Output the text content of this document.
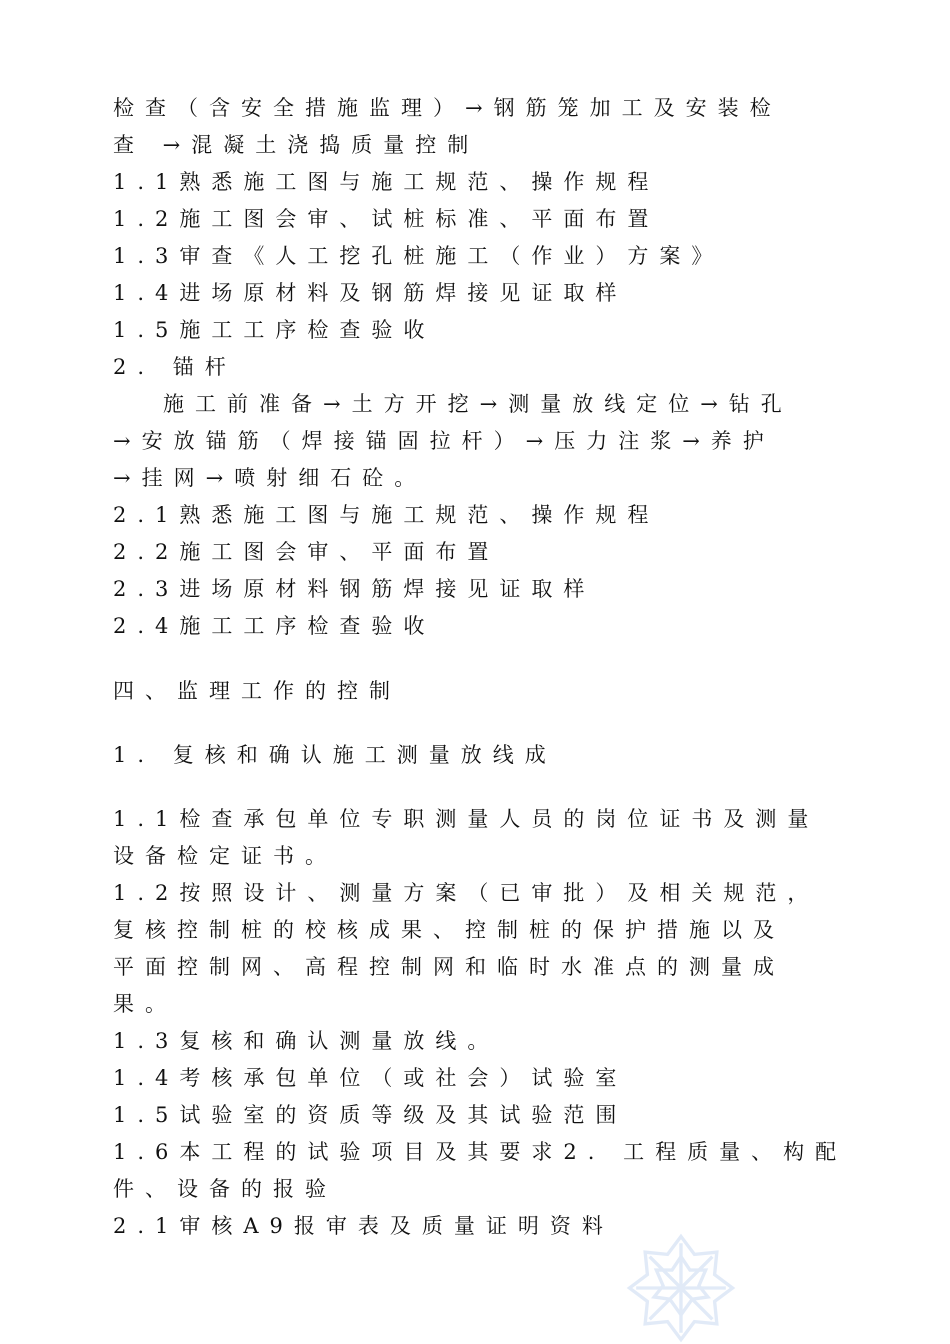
检查（含安全措施监理）→钢筋笼加工及安装检
查 →混凝土浇捣质量控制
1.1熟悉施工图与施工规范、操作规程
1.2施工图会审、试桩标准、平面布置
1.3审查《人工挖孔桩施工（作业）方案》
1.4进场原材料及钢筋焊接见证取样
1.5施工工序检查验收
2. 锚杆
施工前准备→土方开挖→测量放线定位→钻孔
→安放锚筋（焊接锚固拉杆）→压力注浆→养护
→挂网→喷射细石砼。
2.1熟悉施工图与施工规范、操作规程
2.2施工图会审、平面布置
2.3进场原材料钢筋焊接见证取样
2.4施工工序检查验收
四、监理工作的控制
1. 复核和确认施工测量放线成
1.1检查承包单位专职测量人员的岗位证书及测量
设备检定证书。
1.2按照设计、测量方案（已审批）及相关规范，
复核控制桩的校核成果、控制桩的保护措施以及
平面控制网、高程控制网和临时水准点的测量成
果。
1.3复核和确认测量放线。
1.4考核承包单位（或社会）试验室
1.5试验室的资质等级及其试验范围
1.6本工程的试验项目及其要求2. 工程质量、构配
件、设备的报验
2.1审核A9报审表及质量证明资料
